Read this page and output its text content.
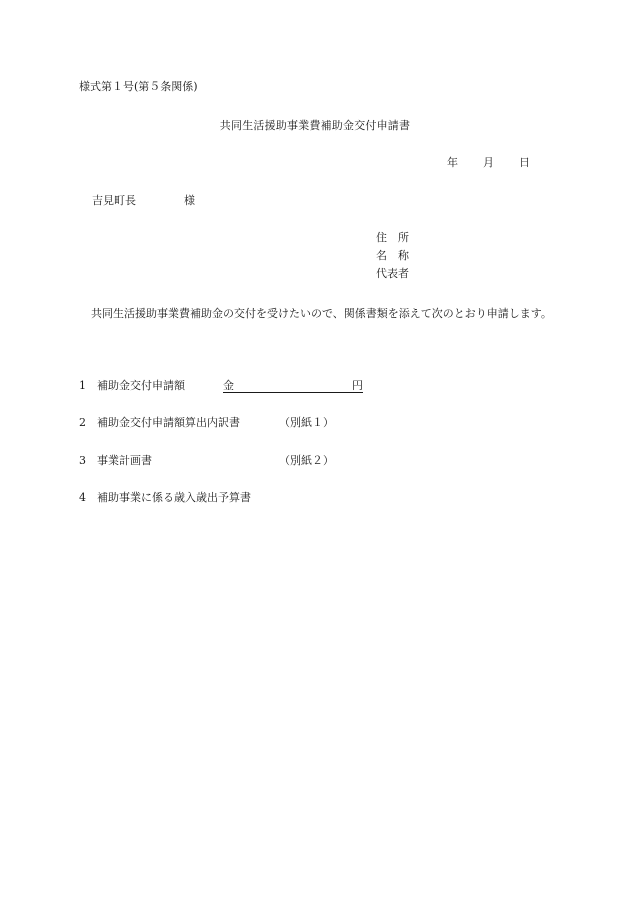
様式第１号(第５条関係)
共同生活援助事業費補助金交付申請書
年 月 日
吉見町長	様
住　所
名　称
代表者
共同生活援助事業費補助金の交付を受けたいので、関係書類を添えて次のとおり申請します。
1 補助金交付申請額	金	円
2 補助金交付申請額算出内訳書	（別紙１）
3 事業計画書	（別紙２）
4 補助事業に係る歳入歳出予算書
